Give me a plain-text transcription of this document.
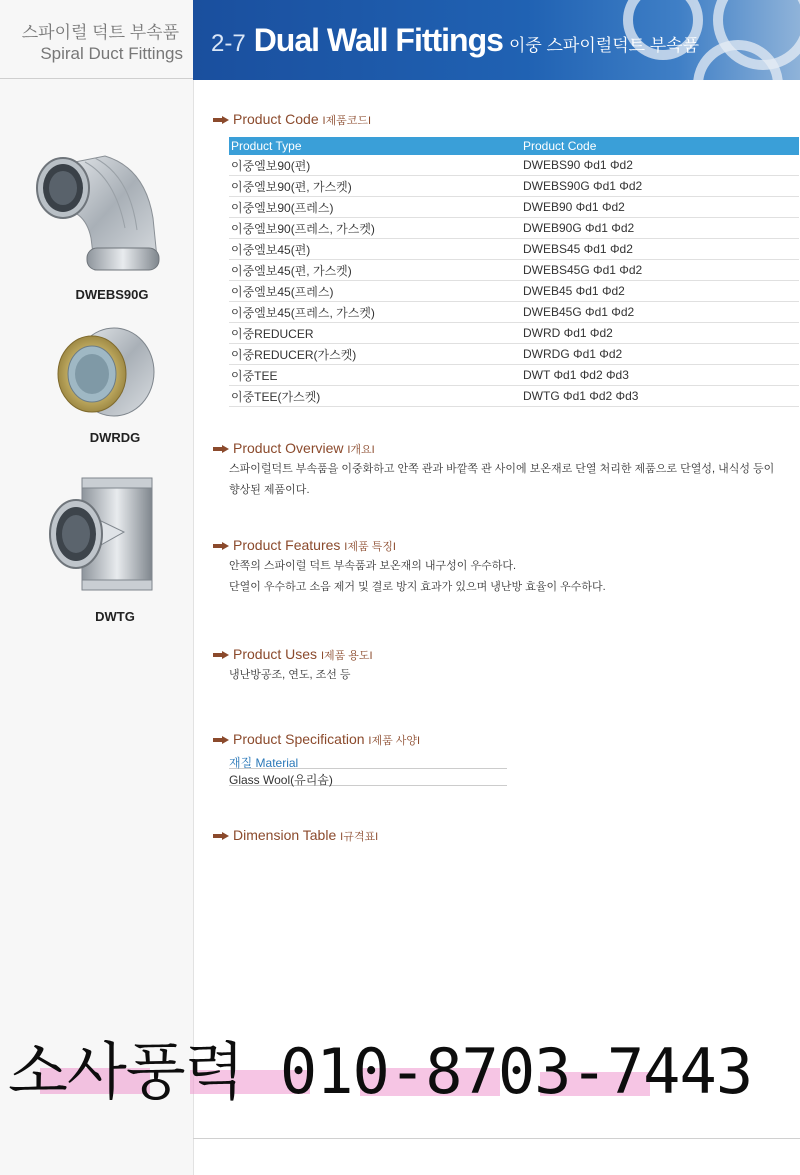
스파이럴 덕트 부속품
Spiral Duct Fittings
DWEBS90G
DWRDG
DWTG
2-7 Dual Wall Fittings 이중 스파이럴덕트 부속품
Product Code I제품코드I
Product Type	Product Code
이중엘보90(편)	DWEBS90 Φd1 Φd2
이중엘보90(편, 가스켓)	DWEBS90G Φd1 Φd2
이중엘보90(프레스)	DWEB90 Φd1 Φd2
이중엘보90(프레스, 가스켓)	DWEB90G Φd1 Φd2
이중엘보45(편)	DWEBS45 Φd1 Φd2
이중엘보45(편, 가스켓)	DWEBS45G Φd1 Φd2
이중엘보45(프레스)	DWEB45 Φd1 Φd2
이중엘보45(프레스, 가스켓)	DWEB45G Φd1 Φd2
이중REDUCER	DWRD Φd1 Φd2
이중REDUCER(가스켓)	DWRDG Φd1 Φd2
이중TEE	DWT Φd1 Φd2 Φd3
이중TEE(가스켓)	DWTG Φd1 Φd2 Φd3
Product Overview I개요I
스파이럴덕트 부속품을 이중화하고 안쪽 관과 바깥쪽 관 사이에 보온재로 단열 처리한 제품으로 단열성, 내식성 등이
향상된 제품이다.
Product Features I제품 특징I
안쪽의 스파이럴 덕트 부속품과 보온재의 내구성이 우수하다.
단열이 우수하고 소음 제거 및 결로 방지 효과가 있으며 냉난방 효율이 우수하다.
Product Uses I제품 용도I
냉난방공조, 연도, 조선 등
Product Specification I제품 사양I
재질 Material
Glass Wool(유리솜)
Dimension Table I규격표I
소사풍력 010-8703-7443
